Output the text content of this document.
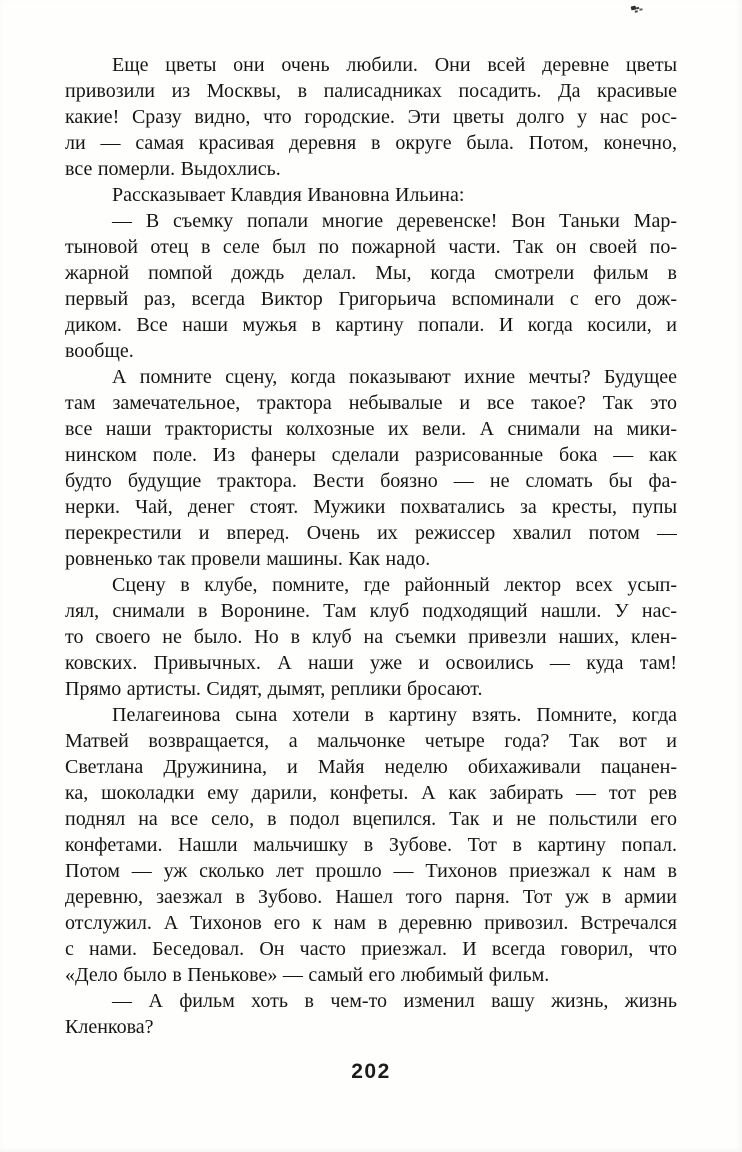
Еще цветы они очень любили. Они всей деревне цветы
привозили из Москвы, в палисадниках посадить. Да красивые
какие! Сразу видно, что городские. Эти цветы долго у нас рос-
ли — самая красивая деревня в округе была. Потом, конечно,
все померли. Выдохлись.
Рассказывает Клавдия Ивановна Ильина:
— В съемку попали многие деревенске! Вон Таньки Мар-
тыновой отец в селе был по пожарной части. Так он своей по-
жарной помпой дождь делал. Мы, когда смотрели фильм в
первый раз, всегда Виктор Григорьича вспоминали с его дож-
диком. Все наши мужья в картину попали. И когда косили, и
вообще.
А помните сцену, когда показывают ихние мечты? Будущее
там замечательное, трактора небывалые и все такое? Так это
все наши трактористы колхозные их вели. А снимали на мики-
нинском поле. Из фанеры сделали разрисованные бока — как
будто будущие трактора. Вести боязно — не сломать бы фа-
нерки. Чай, денег стоят. Мужики похватались за кресты, пупы
перекрестили и вперед. Очень их режиссер хвалил потом —
ровненько так провели машины. Как надо.
Сцену в клубе, помните, где районный лектор всех усып-
лял, снимали в Воронине. Там клуб подходящий нашли. У нас-
то своего не было. Но в клуб на съемки привезли наших, клен-
ковских. Привычных. А наши уже и освоились — куда там!
Прямо артисты. Сидят, дымят, реплики бросают.
Пелагеинова сына хотели в картину взять. Помните, когда
Матвей возвращается, а мальчонке четыре года? Так вот и
Светлана Дружинина, и Майя неделю обихаживали пацанен-
ка, шоколадки ему дарили, конфеты. А как забирать — тот рев
поднял на все село, в подол вцепился. Так и не польстили его
конфетами. Нашли мальчишку в Зубове. Тот в картину попал.
Потом — уж сколько лет прошло — Тихонов приезжал к нам в
деревню, заезжал в Зубово. Нашел того парня. Тот уж в армии
отслужил. А Тихонов его к нам в деревню привозил. Встречался
с нами. Беседовал. Он часто приезжал. И всегда говорил, что
«Дело было в Пенькове» — самый его любимый фильм.
— А фильм хоть в чем-то изменил вашу жизнь, жизнь
Кленкова?
202
